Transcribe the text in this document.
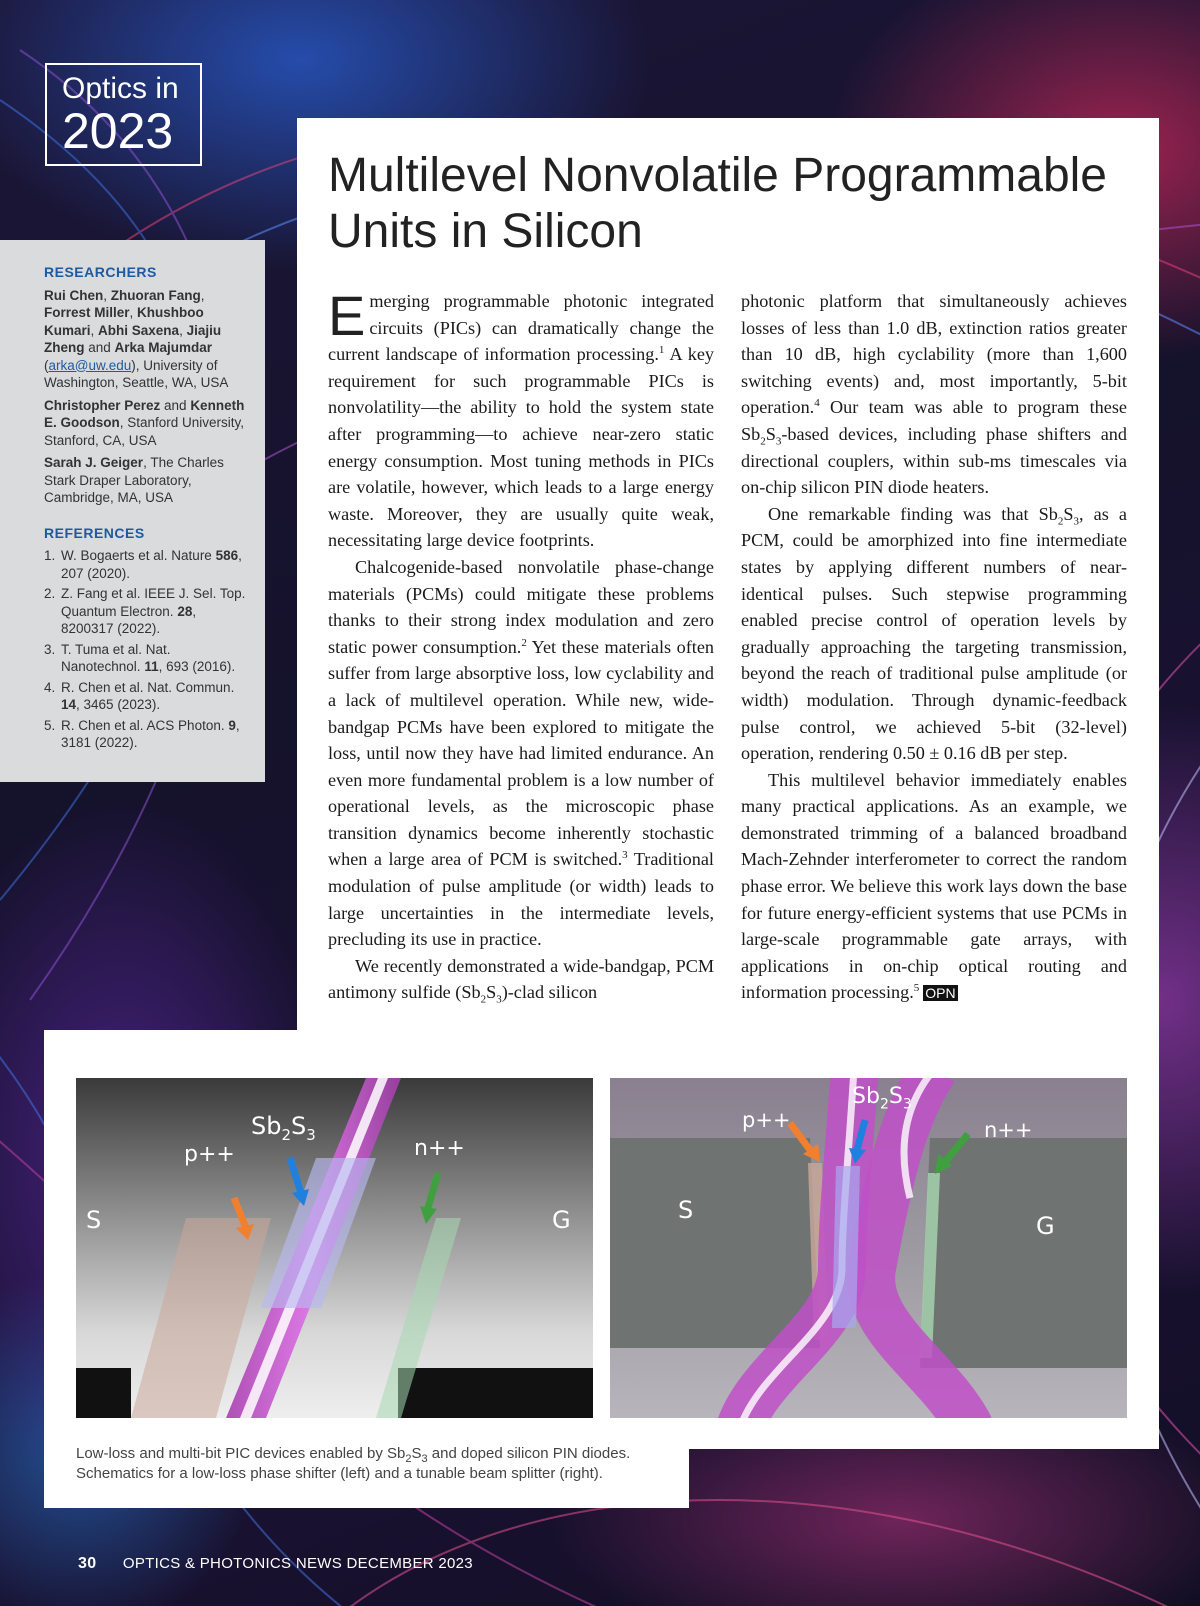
Optics in
2023
Multilevel Nonvolatile Programmable Units in Silicon
RESEARCHERS

Rui Chen, Zhuoran Fang, Forrest Miller, Khushboo Kumari, Abhi Saxena, Jiajiu Zheng and Arka Majumdar (arka@uw.edu), University of Washington, Seattle, WA, USA

Christopher Perez and Kenneth E. Goodson, Stanford University, Stanford, CA, USA

Sarah J. Geiger, The Charles Stark Draper Laboratory, Cambridge, MA, USA

REFERENCES
1. W. Bogaerts et al. Nature 586, 207 (2020).
2. Z. Fang et al. IEEE J. Sel. Top. Quantum Electron. 28, 8200317 (2022).
3. T. Tuma et al. Nat. Nanotechnol. 11, 693 (2016).
4. R. Chen et al. Nat. Commun. 14, 3465 (2023).
5. R. Chen et al. ACS Photon. 9, 3181 (2022).

Emerging programmable photonic integrated circuits (PICs) can dramatically change the current landscape of information processing.$^1$ A key requirement for such programmable PICs is nonvolatility—the ability to hold the system state after programming—to achieve near-zero static energy consumption. Most tuning methods in PICs are volatile, however, which leads to a large energy waste. Moreover, they are usually quite weak, necessitating large device footprints.

Chalcogenide-based nonvolatile phase-change materials (PCMs) could mitigate these problems thanks to their strong index modulation and zero static power consumption.$^2$ Yet these materials often suffer from large absorptive loss, low cyclability and a lack of multilevel operation. While new, wide-bandgap PCMs have been explored to mitigate the loss, until now they have had limited endurance. An even more fundamental problem is a low number of operational levels, as the microscopic phase transition dynamics become inherently stochastic when a large area of PCM is switched.$^3$ Traditional modulation of pulse amplitude (or width) leads to large uncertainties in the intermediate levels, precluding its use in practice.

We recently demonstrated a wide-bandgap, PCM antimony sulfide $(Sb_2S_3)$-clad silicon

photonic platform that simultaneously achieves losses of less than 1.0 dB, extinction ratios greater than 10 dB, high cyclability (more than 1,600 switching events) and, most importantly, 5-bit operation.$^4$ Our team was able to program these $Sb_2S_3$-based devices, including phase shifters and directional couplers, within sub-ms timescales via on-chip silicon PIN diode heaters.

One remarkable finding was that $Sb_2S_3$, as a PCM, could be amorphized into fine intermediate states by applying different numbers of near-identical pulses. Such stepwise programming enabled precise control of operation levels by gradually approaching the targeting transmission, beyond the reach of traditional pulse amplitude (or width) modulation. Through dynamic-feedback pulse control, we achieved 5-bit (32-level) operation, rendering 0.50 ± 0.16 dB per step.

This multilevel behavior immediately enables many practical applications. As an example, we demonstrated trimming of a balanced broadband Mach-Zehnder interferometer to correct the random phase error. We believe this work lays down the base for future energy-efficient systems that use PCMs in large-scale programmable gate arrays, with applications in on-chip optical routing and information processing.$^5$ OPN

S	G
p++	n++
$Sb_2S_3$
S
G
p++	n++
$Sb_2S_3$
Low-loss and multi-bit PIC devices enabled by $Sb_2S_3$ and doped silicon PIN diodes. Schematics for a low-loss phase shifter (left) and a tunable beam splitter (right).
30 OPTICS & PHOTONICS NEWS DECEMBER 2023
